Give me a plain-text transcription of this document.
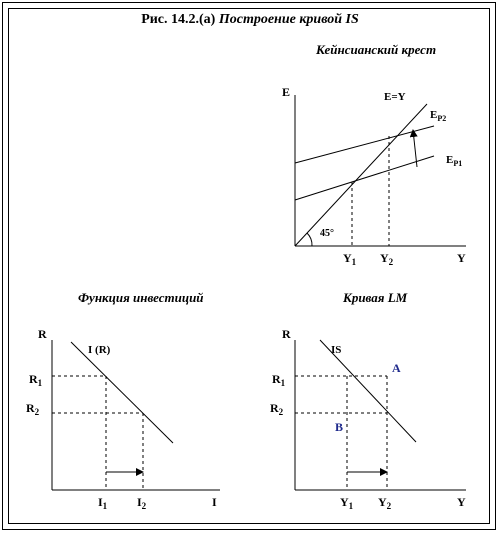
Рис. 14.2.(a) Построение кривой IS
Кейнсианский крест
Функция инвестиций	Кривая LM
E
Y
E=Y
$E_{P2}$
$E_{P1}$
45°
$Y_1$ $Y_2$
R
I
I (R)
$R_1$
$R_2$
$I_1$ $I_2$
R
Y
IS
A
B
$R_1$
$R_2$
$Y_1$ $Y_2$
